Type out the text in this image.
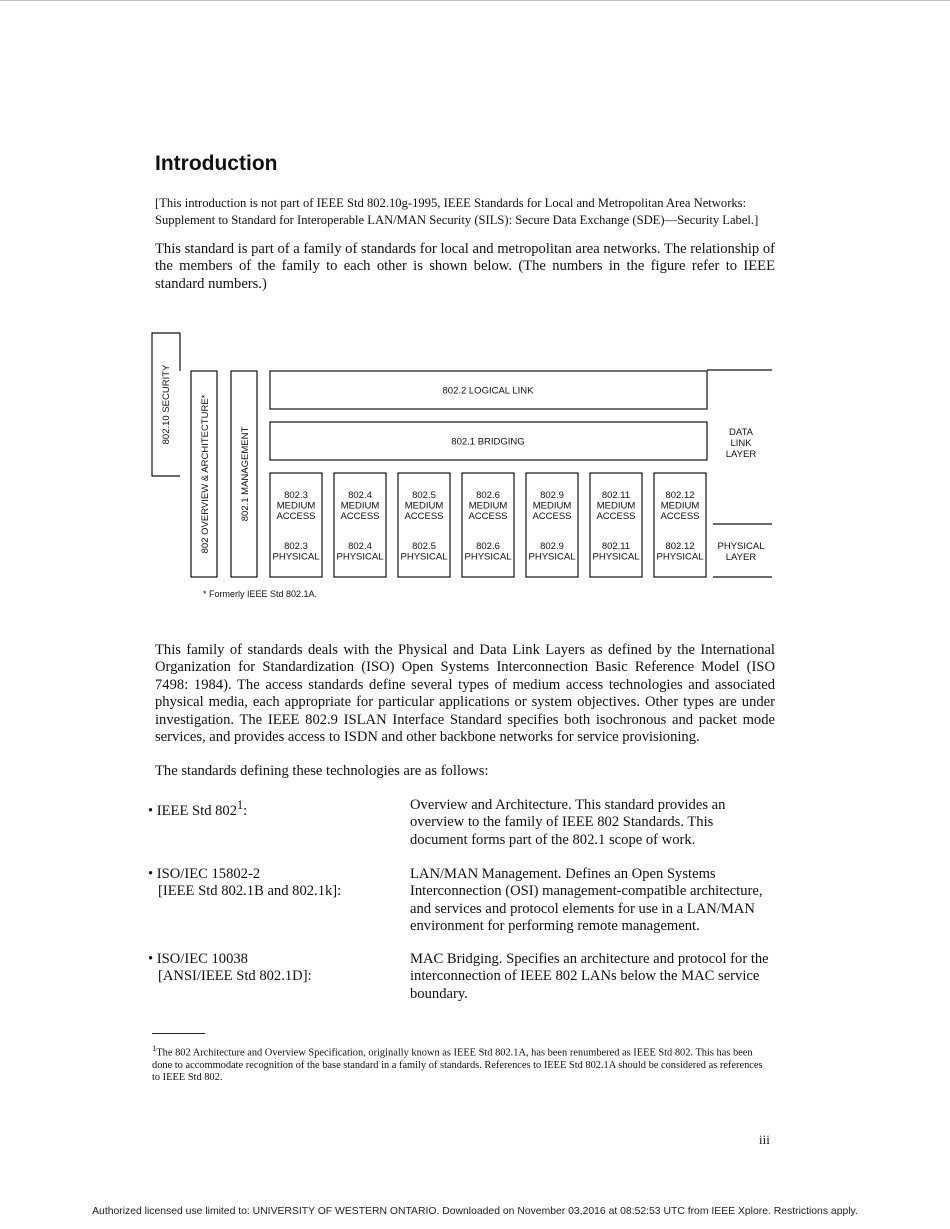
Introduction

[This introduction is not part of IEEE Std 802.10g-1995, IEEE Standards for Local and Metropolitan Area Networks: Supplement to Standard for Interoperable LAN/MAN Security (SILS): Secure Data Exchange (SDE)—Security Label.]

This standard is part of a family of standards for local and metropolitan area networks. The relationship of the members of the family to each other is shown below. (The numbers in the figure refer to IEEE standard numbers.)

802.10 SECURITY	802 OVERVIEW & ARCHITECTURE*	802.1 MANAGEMENT
802.2 LOGICAL LINK
802.1 BRIDGING
DATA
LINK
LAYER
PHYSICAL
LAYER
802.3
MEDIUM
ACCESS
802.3
PHYSICAL
802.4
MEDIUM
ACCESS
802.4
PHYSICAL
802.5
MEDIUM
ACCESS
802.5
PHYSICAL
802.6
MEDIUM
ACCESS
802.6
PHYSICAL
802.9
MEDIUM
ACCESS
802.9
PHYSICAL
802.11
MEDIUM
ACCESS
802.11
PHYSICAL
802.12
MEDIUM
ACCESS
802.12
PHYSICAL
* Formerly IEEE Std 802.1A.

This family of standards deals with the Physical and Data Link Layers as defined by the International Organization for Standardization (ISO) Open Systems Interconnection Basic Reference Model (ISO 7498: 1984). The access standards define several types of medium access technologies and associated physical media, each appropriate for particular applications or system objectives. Other types are under investigation. The IEEE 802.9 ISLAN Interface Standard specifies both isochronous and packet mode services, and provides access to ISDN and other backbone networks for service provisioning.

The standards defining these technologies are as follows:

• IEEE Std $802^1$:	Overview and Architecture. This standard provides an overview to the family of IEEE 802 Standards. This document forms part of the 802.1 scope of work.
• ISO/IEC 15802-2
[IEEE Std 802.1B and 802.1k]:
LAN/MAN Management. Defines an Open Systems Interconnection (OSI) management-compatible architecture, and services and protocol elements for use in a LAN/MAN environment for performing remote management.
• ISO/IEC 10038
[ANSI/IEEE Std 802.1D]:
MAC Bridging. Specifies an architecture and protocol for the interconnection of IEEE 802 LANs below the MAC service boundary.

$^1$The 802 Architecture and Overview Specification, originally known as IEEE Std 802.1A, has been renumbered as IEEE Std 802. This has been done to accommodate recognition of the base standard in a family of standards. References to IEEE Std 802.1A should be considered as references to IEEE Std 802.

iii
Authorized licensed use limited to: UNIVERSITY OF WESTERN ONTARIO. Downloaded on November 03,2016 at 08:52:53 UTC from IEEE Xplore. Restrictions apply.
